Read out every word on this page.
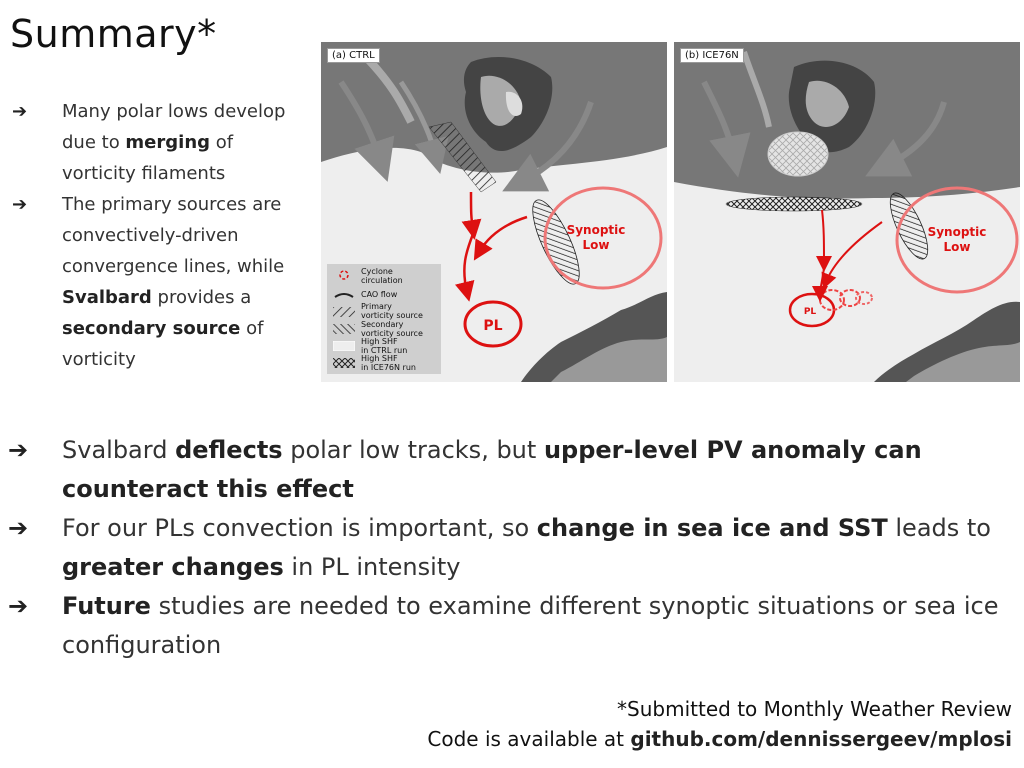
Summary*
➔ Many polar lows develop due to merging of vorticity filaments
➔ The primary sources are convectively-driven convergence lines, while Svalbard provides a secondary source of vorticity
Synoptic
Low
PL
(a) CTRL
Cyclone
circulation
CAO flow
Primary
vorticity source
Secondary
vorticity source
High SHF
in CTRL run
High SHF
in ICE76N run
Synoptic
Low
PL
(b) ICE76N
➔ Svalbard deflects polar low tracks, but upper-level PV anomaly can counteract this effect
➔ For our PLs convection is important, so change in sea ice and SST leads to greater changes in PL intensity
➔ Future studies are needed to examine different synoptic situations or sea ice configuration
*Submitted to Monthly Weather Review
Code is available at github.com/dennissergeev/mplosi
